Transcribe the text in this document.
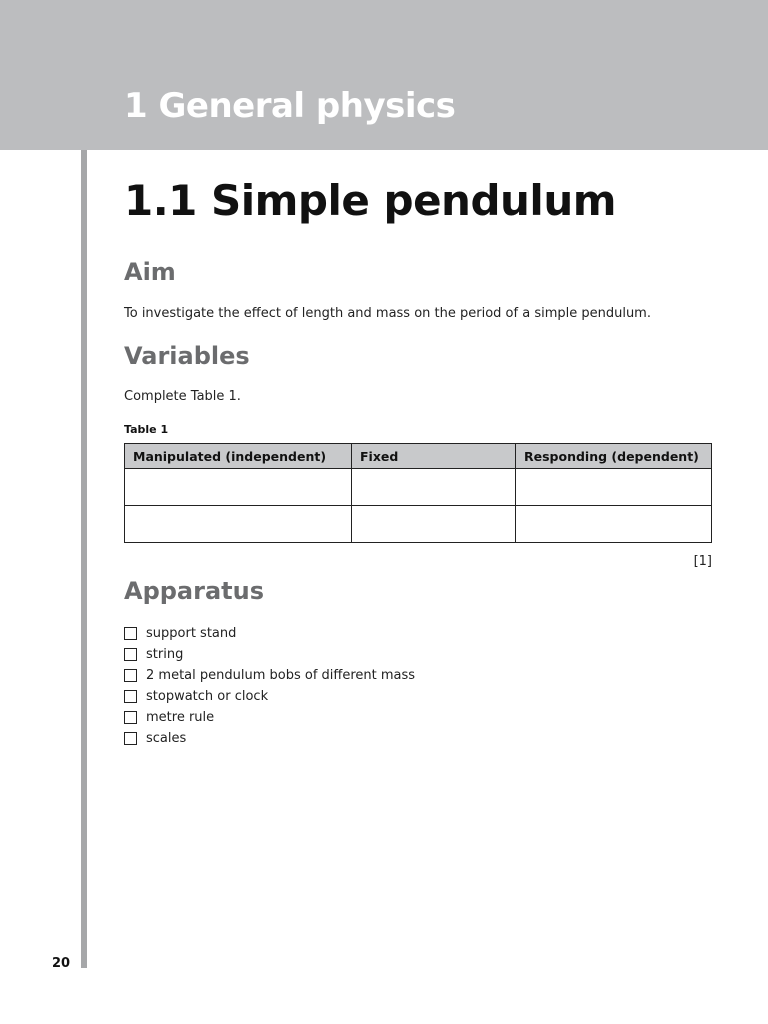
1 General physics
20
1.1 Simple pendulum
Aim

To investigate the effect of length and mass on the period of a simple pendulum.

Variables

Complete Table 1.

Table 1
Manipulated (independent)	Fixed	Responding (dependent)

[1]
Apparatus
support stand
string
2 metal pendulum bobs of different mass
stopwatch or clock
metre rule
scales
